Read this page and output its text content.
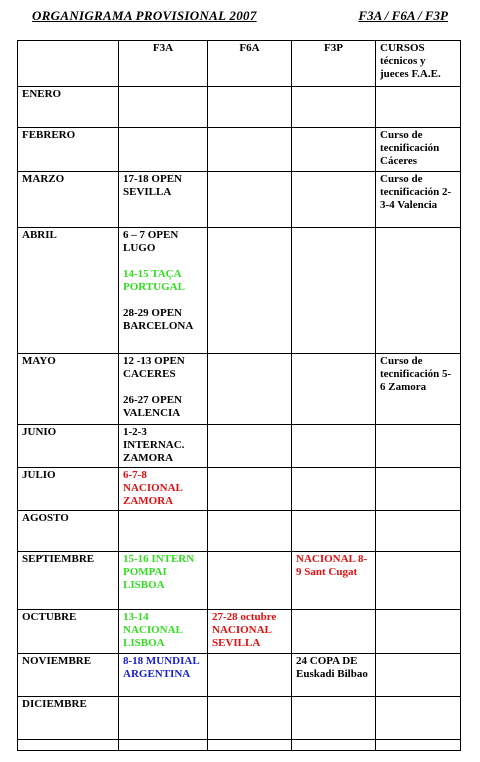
ORGANIGRAMA PROVISIONAL 2007	F3A / F6A / F3P
	F3A	F6A	F3P	CURSOS técnicos y jueces F.A.E.
ENERO				
FEBRERO				Curso de tecnificación Cáceres

MARZO	17-18 OPEN SEVILLA			Curso de tecnificación 2-3-4 Valencia

ABRIL	6 – 7 OPEN LUGO
14-15 TAÇA PORTUGAL
28-29 OPEN BARCELONA			

MAYO	12 -13 OPEN CACERES
26-27 OPEN VALENCIA			Curso de tecnificación 5-6 Zamora

JUNIO	1-2-3 INTERNAC. ZAMORA			

JULIO	6-7-8 NACIONAL ZAMORA			

AGOSTO				
SEPTIEMBRE	15-16 INTERN POMPAI LISBOA		NACIONAL 8-9 Sant Cugat	

OCTUBRE	13-14 NACIONAL LISBOA	27-28 octubre NACIONAL SEVILLA		

NOVIEMBRE	8-18 MUNDIAL ARGENTINA		24 COPA DE Euskadi Bilbao	

DICIEMBRE				
